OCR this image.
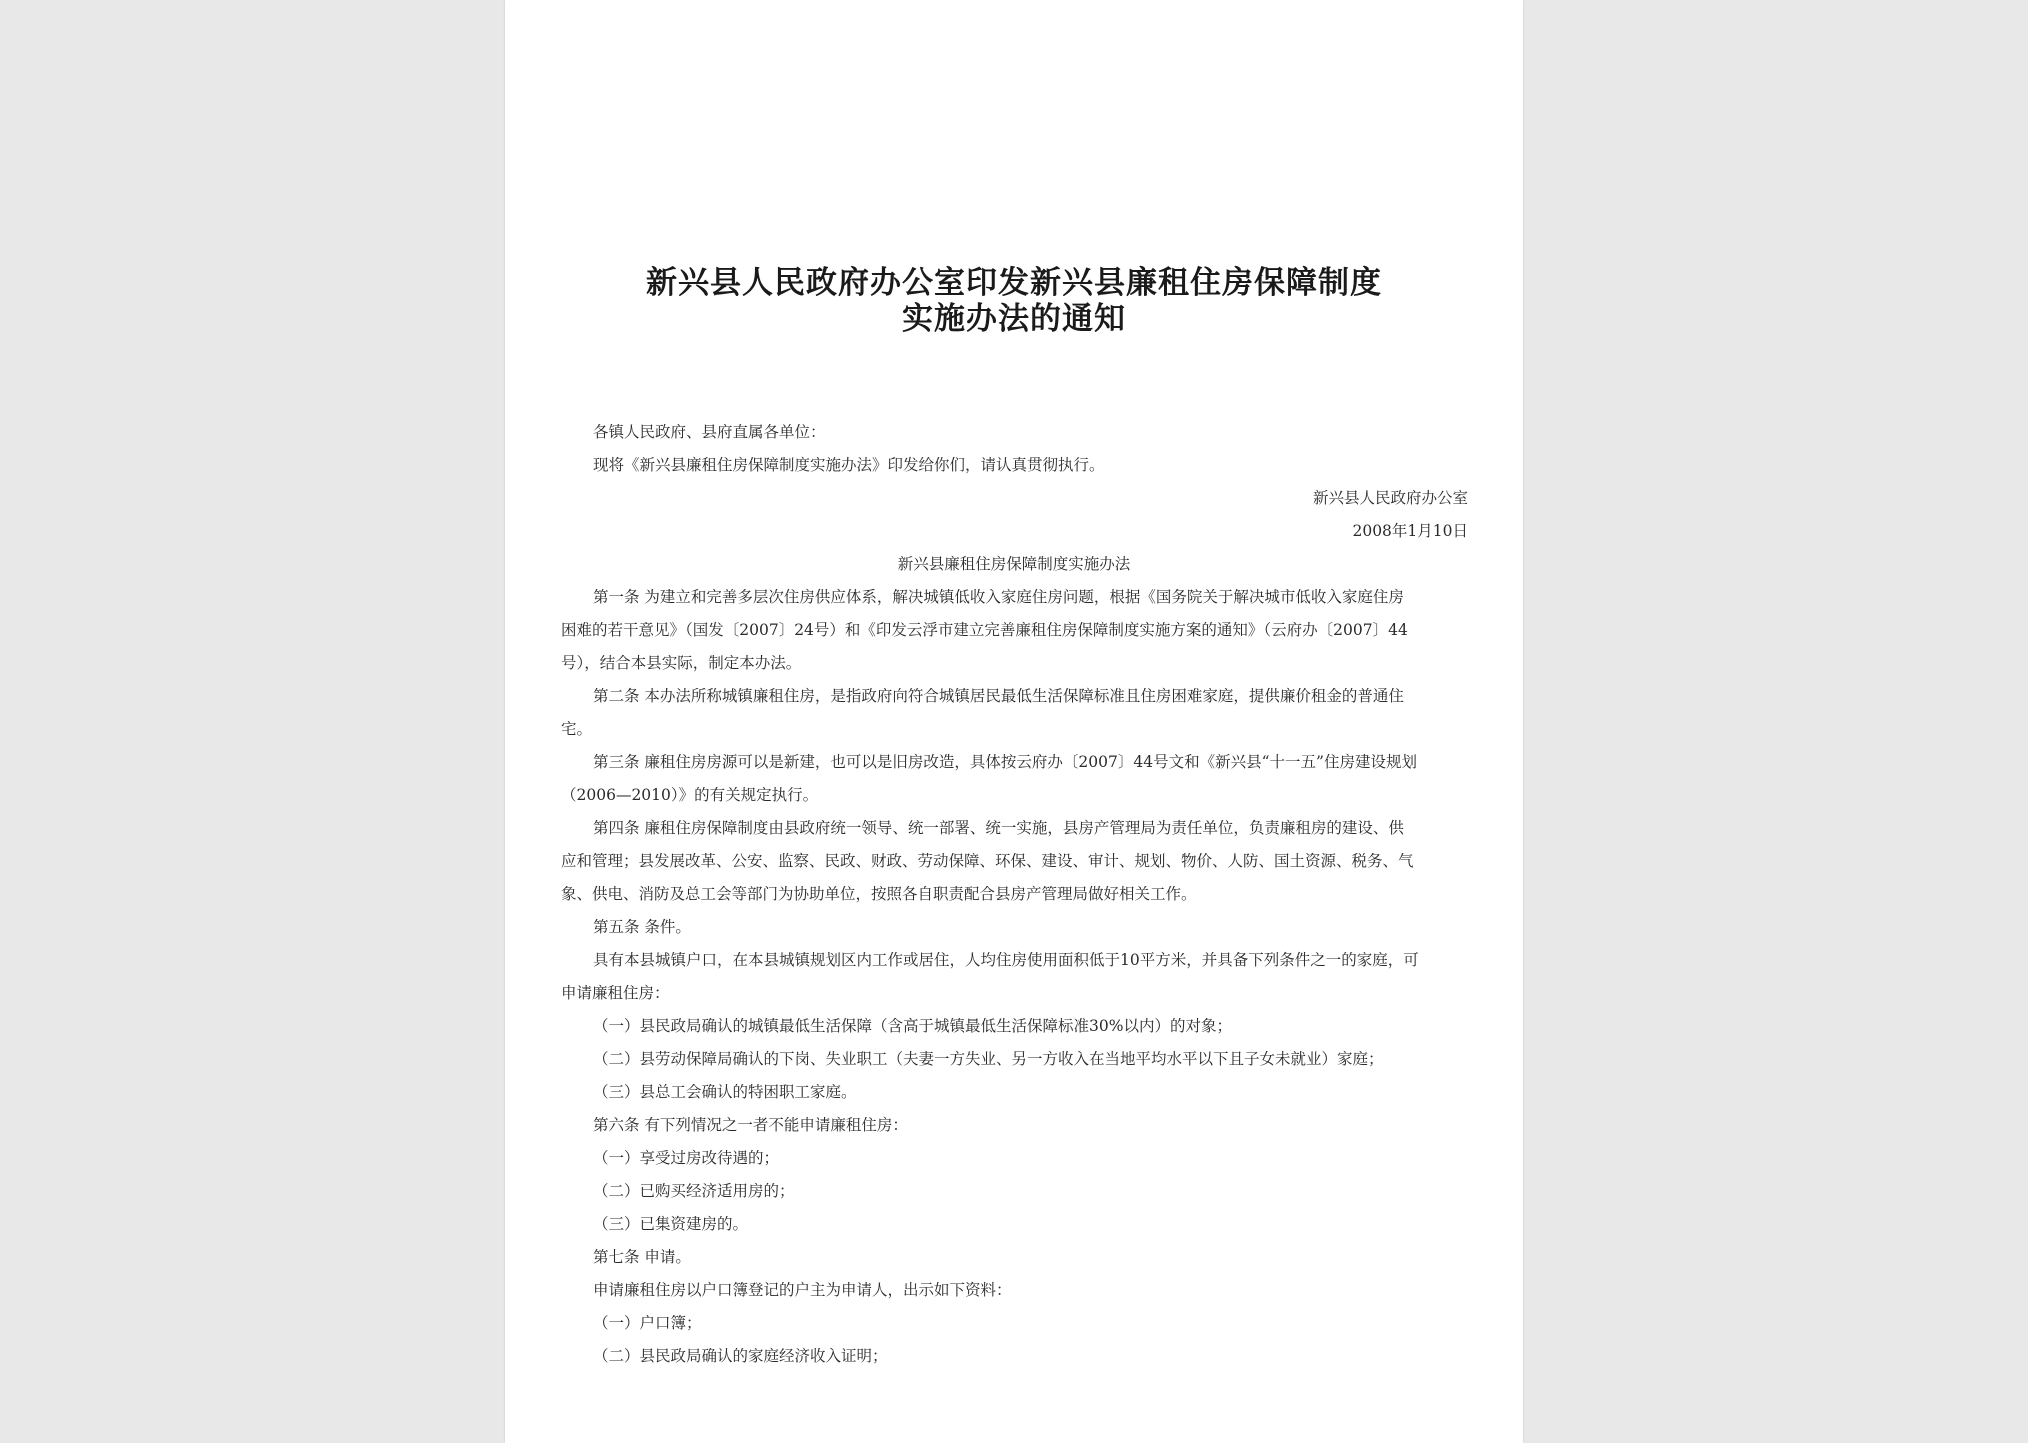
新兴县人民政府办公室印发新兴县廉租住房保障制度
实施办法的通知
各镇人民政府、县府直属各单位：
现将《新兴县廉租住房保障制度实施办法》印发给你们，请认真贯彻执行。
新兴县人民政府办公室
2008年1月10日
新兴县廉租住房保障制度实施办法
第一条 为建立和完善多层次住房供应体系，解决城镇低收入家庭住房问题，根据《国务院关于解决城市低收入家庭住房
困难的若干意见》（国发〔2007〕24号）和《印发云浮市建立完善廉租住房保障制度实施方案的通知》（云府办〔2007〕44
号），结合本县实际，制定本办法。
第二条 本办法所称城镇廉租住房，是指政府向符合城镇居民最低生活保障标准且住房困难家庭，提供廉价租金的普通住
宅。
第三条 廉租住房房源可以是新建，也可以是旧房改造，具体按云府办〔2007〕44号文和《新兴县“十一五”住房建设规划
（2006—2010）》的有关规定执行。
第四条 廉租住房保障制度由县政府统一领导、统一部署、统一实施，县房产管理局为责任单位，负责廉租房的建设、供
应和管理；县发展改革、公安、监察、民政、财政、劳动保障、环保、建设、审计、规划、物价、人防、国土资源、税务、气
象、供电、消防及总工会等部门为协助单位，按照各自职责配合县房产管理局做好相关工作。
第五条 条件。
具有本县城镇户口，在本县城镇规划区内工作或居住，人均住房使用面积低于10平方米，并具备下列条件之一的家庭，可
申请廉租住房：
（一）县民政局确认的城镇最低生活保障（含高于城镇最低生活保障标准30%以内）的对象；
（二）县劳动保障局确认的下岗、失业职工（夫妻一方失业、另一方收入在当地平均水平以下且子女未就业）家庭；
（三）县总工会确认的特困职工家庭。
第六条 有下列情况之一者不能申请廉租住房：
（一）享受过房改待遇的；
（二）已购买经济适用房的；
（三）已集资建房的。
第七条 申请。
申请廉租住房以户口簿登记的户主为申请人，出示如下资料：
（一）户口簿；
（二）县民政局确认的家庭经济收入证明；
